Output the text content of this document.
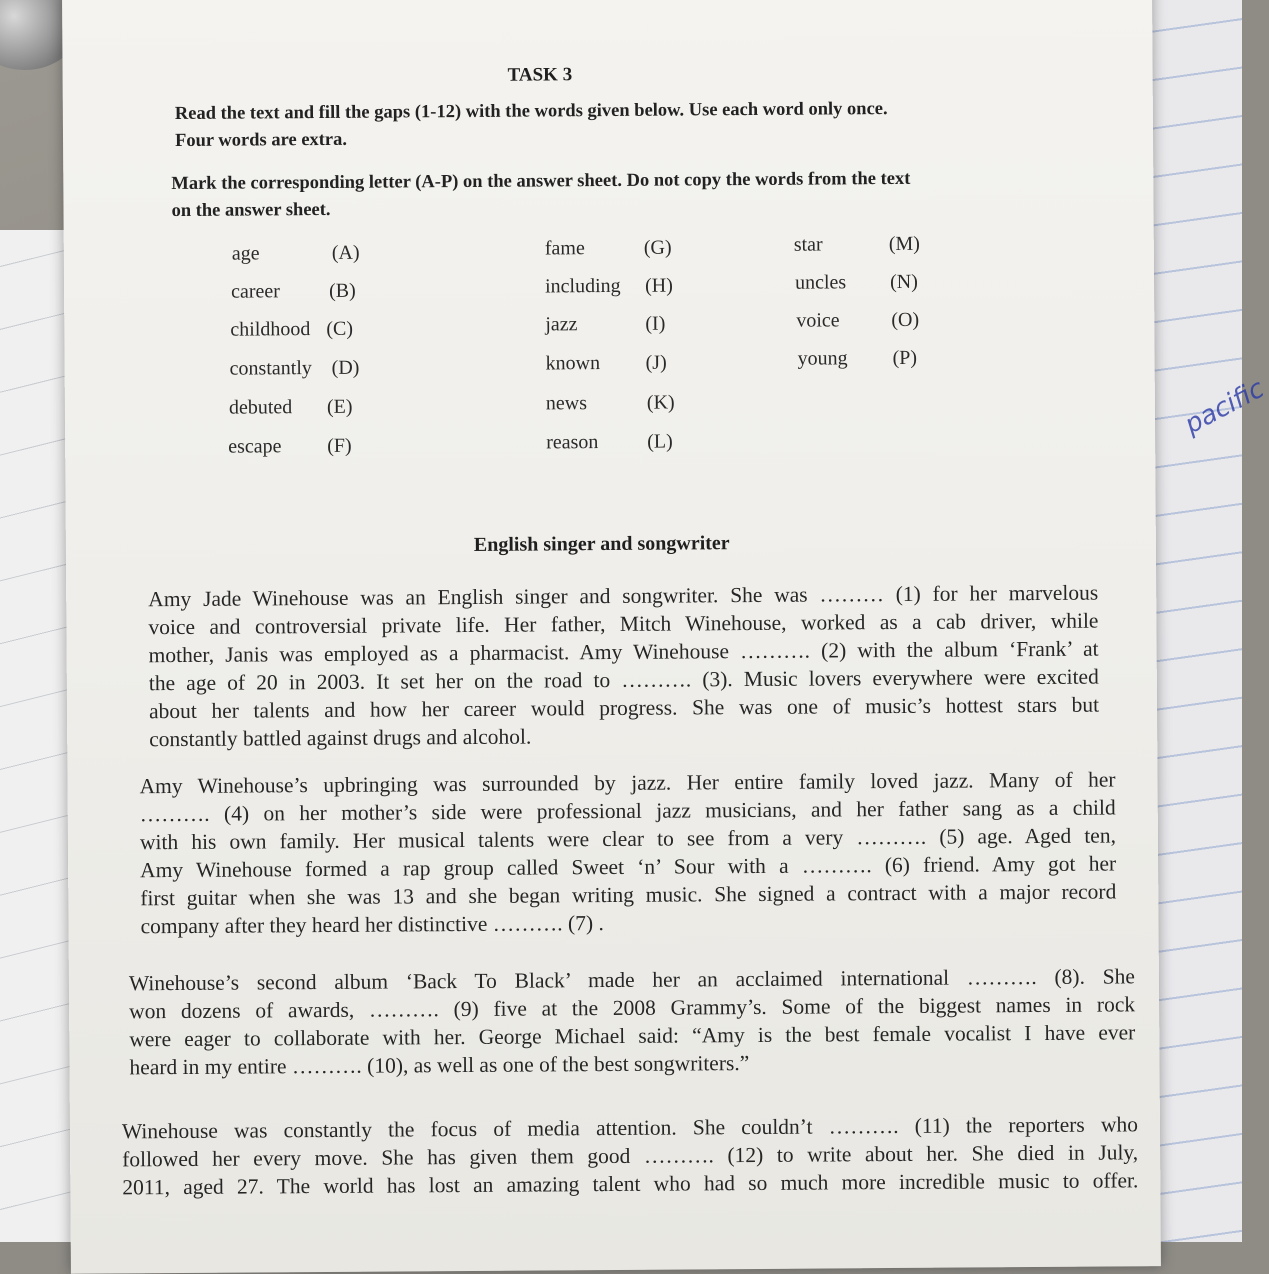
pacific
TASK 3
Read the text and fill the gaps (1-12) with the words given below. Use each word only once.
Four words are extra.
Mark the corresponding letter (A-P) on the answer sheet. Do not copy the words from the text
on the answer sheet.
age	(A)
career (B)
childhood (C)
constantly (D)
debuted (E)
escape (F)
fame	(G)
including (H)
jazz	(I)
known (J)
news	(K)
reason (L)
star	(M)
uncles (N)
voice	(O)
young (P)
English singer and songwriter
Amy Jade Winehouse was an English singer and songwriter. She was ……… (1) for her marvelous
voice and controversial private life. Her father, Mitch Winehouse, worked as a cab driver, while
mother, Janis was employed as a pharmacist. Amy Winehouse ………. (2) with the album ‘Frank’ at
the age of 20 in 2003. It set her on the road to ………. (3). Music lovers everywhere were excited
about her talents and how her career would progress. She was one of music’s hottest stars but
constantly battled against drugs and alcohol.
Amy Winehouse’s upbringing was surrounded by jazz. Her entire family loved jazz. Many of her
………. (4) on her mother’s side were professional jazz musicians, and her father sang as a child
with his own family. Her musical talents were clear to see from a very ………. (5) age. Aged ten,
Amy Winehouse formed a rap group called Sweet ‘n’ Sour with a ………. (6) friend. Amy got her
first guitar when she was 13 and she began writing music. She signed a contract with a major record
company after they heard her distinctive ………. (7) .
Winehouse’s second album ‘Back To Black’ made her an acclaimed international ………. (8). She
won dozens of awards, ………. (9) five at the 2008 Grammy’s. Some of the biggest names in rock
were eager to collaborate with her. George Michael said: “Amy is the best female vocalist I have ever
heard in my entire ………. (10), as well as one of the best songwriters.”
Winehouse was constantly the focus of media attention. She couldn’t ………. (11) the reporters who
followed her every move. She has given them good ………. (12) to write about her. She died in July,
2011, aged 27. The world has lost an amazing talent who had so much more incredible music to offer.
